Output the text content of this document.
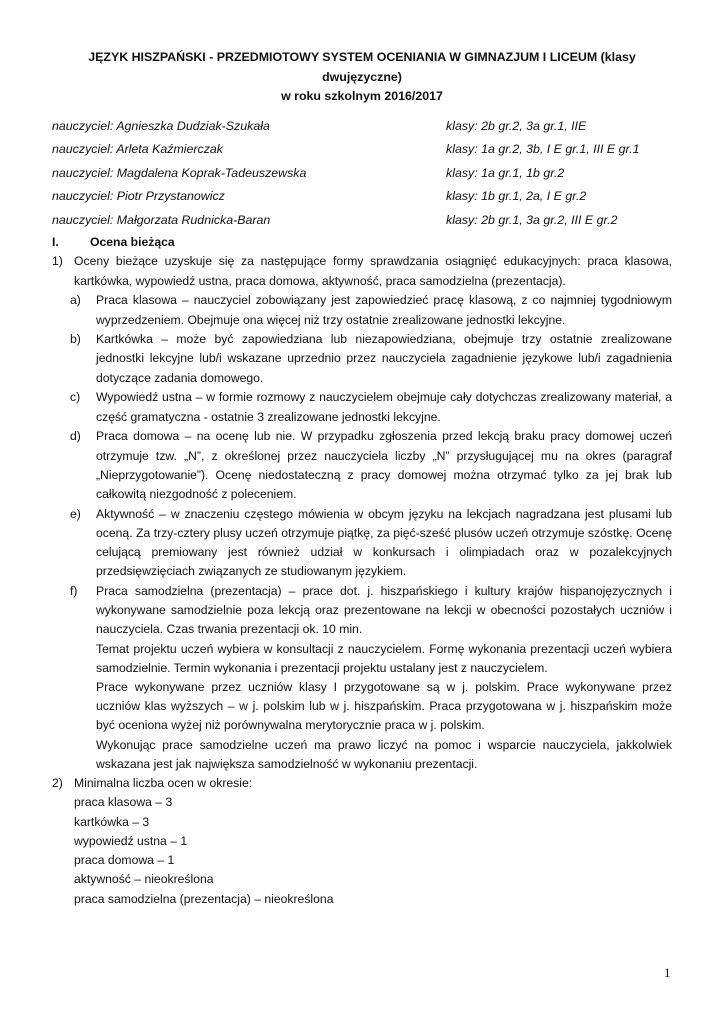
JĘZYK HISZPAŃSKI - PRZEDMIOTOWY SYSTEM OCENIANIA W GIMNAZJUM I LICEUM (klasy dwujęzyczne)

w roku szkolnym 2016/2017

nauczyciel: Agnieszka Dudziak-Szukała	klasy: 2b gr.2, 3a gr.1, IIE
nauczyciel: Arleta Kaźmierczak	klasy: 1a gr.2, 3b, I E gr.1, III E gr.1
nauczyciel: Magdalena Koprak-Tadeuszewska	klasy: 1a gr.1, 1b gr.2
nauczyciel: Piotr Przystanowicz	klasy: 1b gr.1, 2a, I E gr.2
nauczyciel: Małgorzata Rudnicka-Baran	klasy: 2b gr.1, 3a gr.2, III E gr.2
I.	Ocena bieżąca
1) Oceny bieżące uzyskuje się za następujące formy sprawdzania osiągnięć edukacyjnych: praca klasowa, kartkówka, wypowiedź ustna, praca domowa, aktywność, praca samodzielna (prezentacja).

a)	Praca klasowa – nauczyciel zobowiązany jest zapowiedzieć pracę klasową, z co najmniej tygodniowym wyprzedzeniem. Obejmuje ona więcej niż trzy ostatnie zrealizowane jednostki lekcyjne.

b)	Kartkówka – może być zapowiedziana lub niezapowiedziana, obejmuje trzy ostatnie zrealizowane jednostki lekcyjne lub/i wskazane uprzednio przez nauczyciela zagadnienie językowe lub/i zagadnienia dotyczące zadania domowego.

c)	Wypowiedź ustna – w formie rozmowy z nauczycielem obejmuje cały dotychczas zrealizowany materiał, a część gramatyczna - ostatnie 3 zrealizowane jednostki lekcyjne.

d)	Praca domowa – na ocenę lub nie. W przypadku zgłoszenia przed lekcją braku pracy domowej uczeń otrzymuje tzw. „N”, z określonej przez nauczyciela liczby „N” przysługującej mu na okres (paragraf „Nieprzygotowanie”). Ocenę niedostateczną z pracy domowej można otrzymać tylko za jej brak lub całkowitą niezgodność z poleceniem.

e)	Aktywność – w znaczeniu częstego mówienia w obcym języku na lekcjach nagradzana jest plusami lub oceną. Za trzy-cztery plusy uczeń otrzymuje piątkę, za pięć-sześć plusów uczeń otrzymuje szóstkę. Ocenę celującą premiowany jest również udział w konkursach i olimpiadach oraz w pozalekcyjnych przedsięwzięciach związanych ze studiowanym językiem.

f)	Praca samodzielna (prezentacja) – prace dot. j. hiszpańskiego i kultury krajów hispanojęzycznych i wykonywane samodzielnie poza lekcją oraz prezentowane na lekcji w obecności pozostałych uczniów i nauczyciela. Czas trwania prezentacji ok. 10 min.

Temat projektu uczeń wybiera w konsultacji z nauczycielem. Formę wykonania prezentacji uczeń wybiera samodzielnie. Termin wykonania i prezentacji projektu ustalany jest z nauczycielem.

Prace wykonywane przez uczniów klasy I przygotowane są w j. polskim. Prace wykonywane przez uczniów klas wyższych – w j. polskim lub w j. hiszpańskim. Praca przygotowana w j. hiszpańskim może być oceniona wyżej niż porównywalna merytorycznie praca w j. polskim.

Wykonując prace samodzielne uczeń ma prawo liczyć na pomoc i wsparcie nauczyciela, jakkolwiek wskazana jest jak największa samodzielność w wykonaniu prezentacji.

2) Minimalna liczba ocen w okresie:

praca klasowa – 3

kartkówka – 3

wypowiedź ustna – 1

praca domowa – 1

aktywność – nieokreślona

praca samodzielna (prezentacja) – nieokreślona

1
